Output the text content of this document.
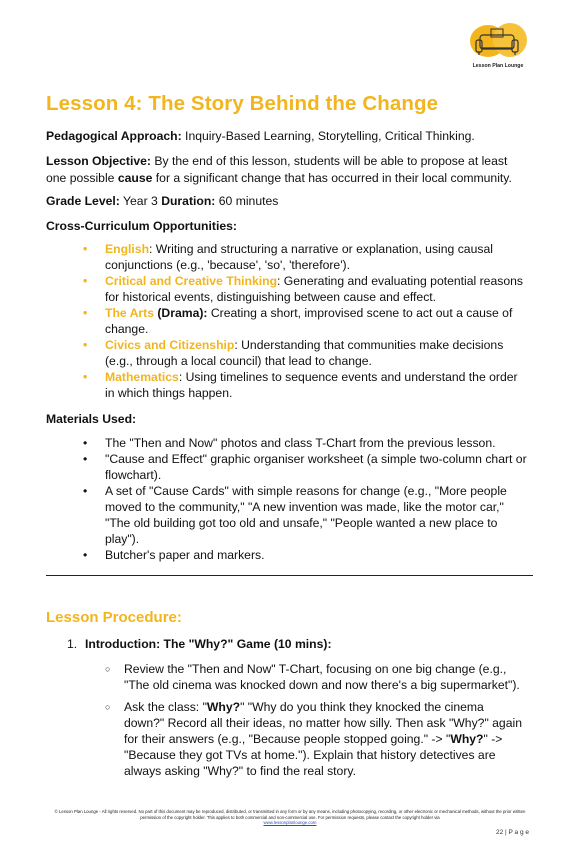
Lesson Plan Lounge
Lesson 4: The Story Behind the Change

Pedagogical Approach: Inquiry-Based Learning, Storytelling, Critical Thinking.

Lesson Objective: By the end of this lesson, students will be able to propose at least one possible cause for a significant change that has occurred in their local community.

Grade Level: Year 3 Duration: 60 minutes

Cross-Curriculum Opportunities:

• English: Writing and structuring a narrative or explanation, using causal conjunctions (e.g., 'because', 'so', 'therefore').
• Critical and Creative Thinking: Generating and evaluating potential reasons for historical events, distinguishing between cause and effect.
• The Arts (Drama): Creating a short, improvised scene to act out a cause of change.
• Civics and Citizenship: Understanding that communities make decisions (e.g., through a local council) that lead to change.
• Mathematics: Using timelines to sequence events and understand the order in which things happen.

Materials Used:

• The "Then and Now" photos and class T-Chart from the previous lesson.
• "Cause and Effect" graphic organiser worksheet (a simple two-column chart or flowchart).
• A set of "Cause Cards" with simple reasons for change (e.g., "More people moved to the community," "A new invention was made, like the motor car," "The old building got too old and unsafe," "People wanted a new place to play").
• Butcher's paper and markers.
Lesson Procedure:

1. Introduction: The "Why?" Game (10 mins):

○ Review the "Then and Now" T-Chart, focusing on one big change (e.g., "The old cinema was knocked down and now there's a big supermarket").
○ Ask the class: "Why?" "Why do you think they knocked the cinema down?" Record all their ideas, no matter how silly. Then ask "Why?" again for their answers (e.g., "Because people stopped going." -> "Why?" -> "Because they got TVs at home."). Explain that history detectives are always asking "Why?" to find the real story.
© Lesson Plan Lounge - All rights reserved. No part of this document may be reproduced, distributed, or transmitted in any form or by any means, including photocopying, recording, or other electronic or mechanical methods, without the prior written permission of the copyright holder. This applies to both commercial and non-commercial use. For permission requests, please contact the copyright holder via
www.lessonplanlounge.com
22 | P a g e
